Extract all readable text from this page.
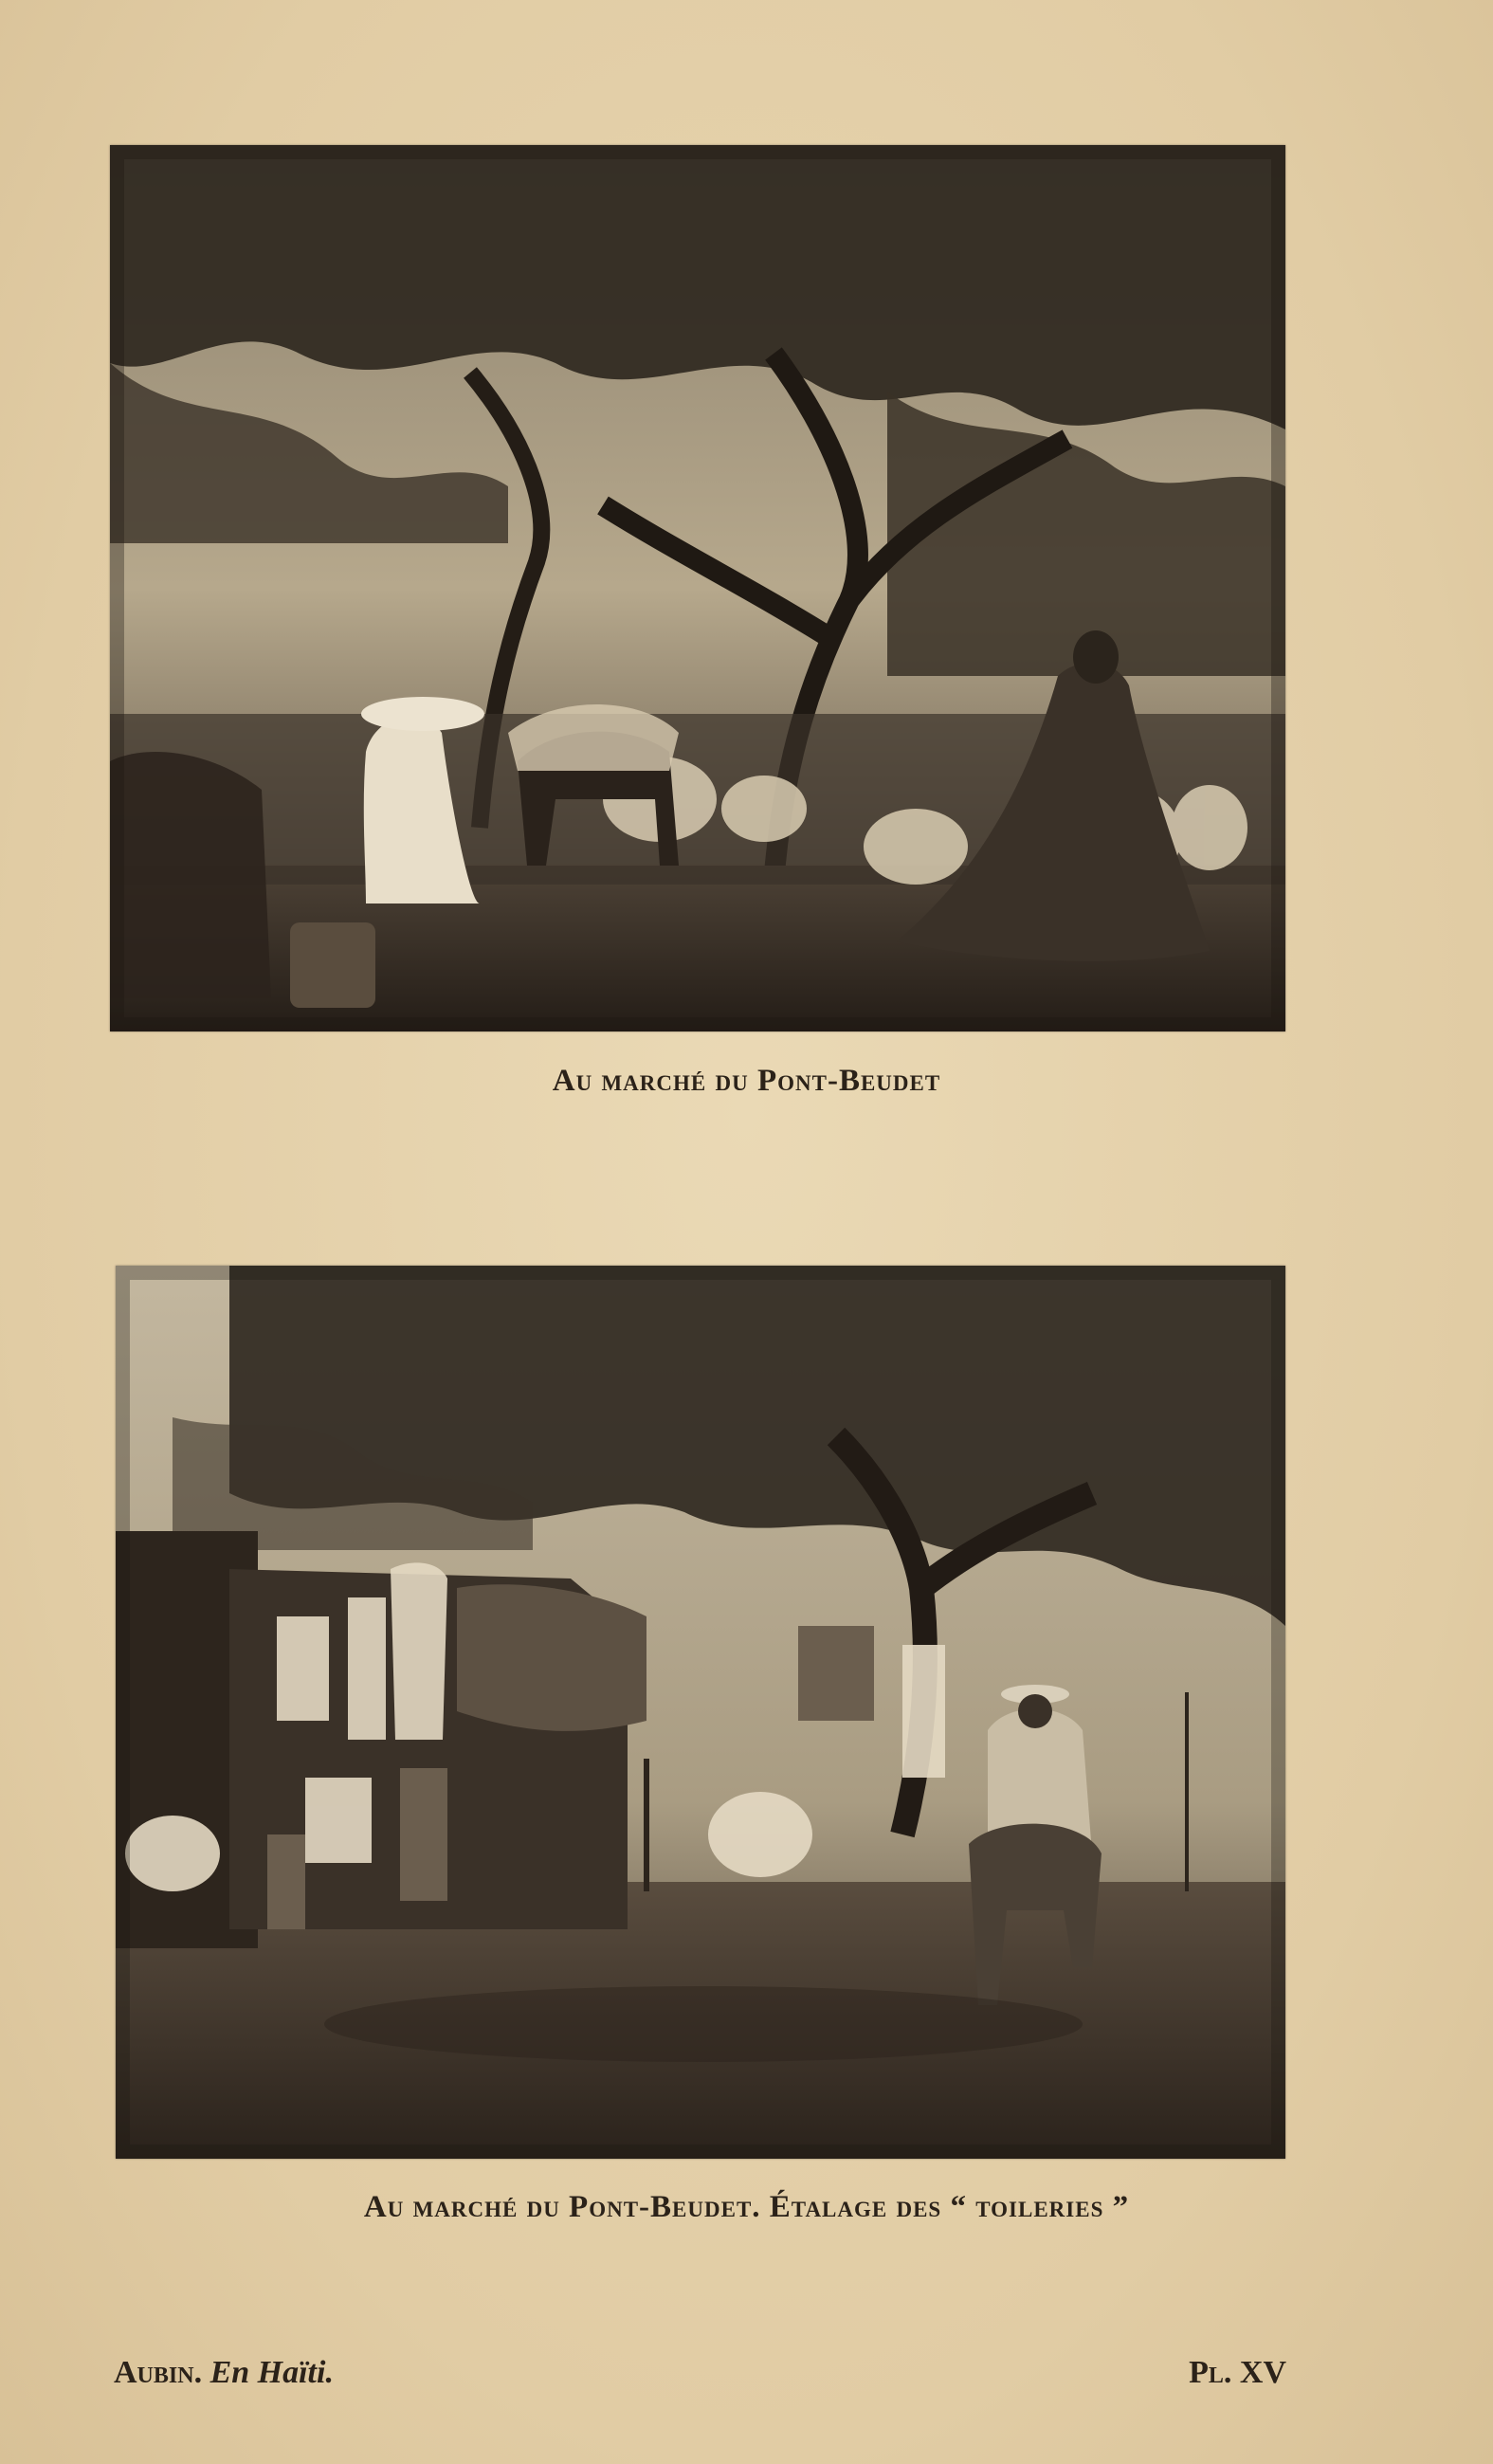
Au marché du Pont-Beudet
Au marché du Pont-Beudet. Étalage des “ toileries ”
Aubin. En Haïti.	Pl. XV
